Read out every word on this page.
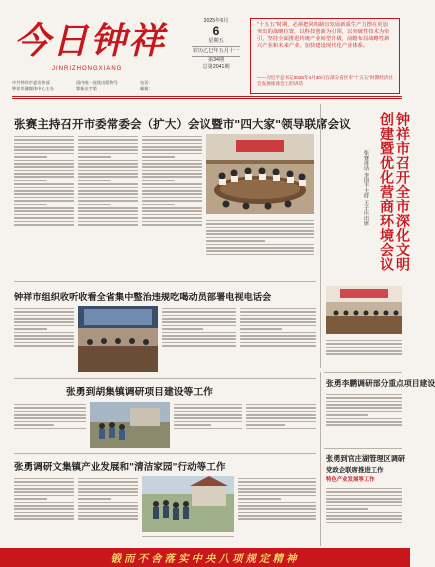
今日钟祥
JINRIZHONGXIANG
中共钟祥市委宣传部
钟祥市融媒体中心主办
国内统一连续出版物号
鄂新出字第
电话：
邮箱：
2025年6月
6
星期五
农历乙巳年五月十一
第34期
总第2041期
"十五五"时期，必须把同构制宜发展新质生产力摆在更加突出的战略位置，以科技创新为引领，以突破性技术为牵引，坚持全面推进传统产业转型升级，前瞻布局战略性新兴产业和未来产业，加快建设现代化产业体系。
——习近平总书记2025年4月30日在部分省区市"十五五"时期经济社会发展座谈会上的讲话
张赛主持召开市委常委会（扩大）会议暨市"四大家"领导联席会议	钟祥市召开全市深化文明创建暨优化营商环境会议
张赛讲话 李国丰主持 王子庆出席
钟祥市组织收听收看全省集中整治违规吃喝动员部署电视电话会
张勇李鹏调研部分重点项目建设
张勇到胡集镇调研项目建设等工作
张勇到官庄湖管理区调研
党政企联席推进工作
特色产业发展等工作
张勇调研文集镇产业发展和"清洁家园"行动等工作
锻而不舍落实中央八项规定精神
